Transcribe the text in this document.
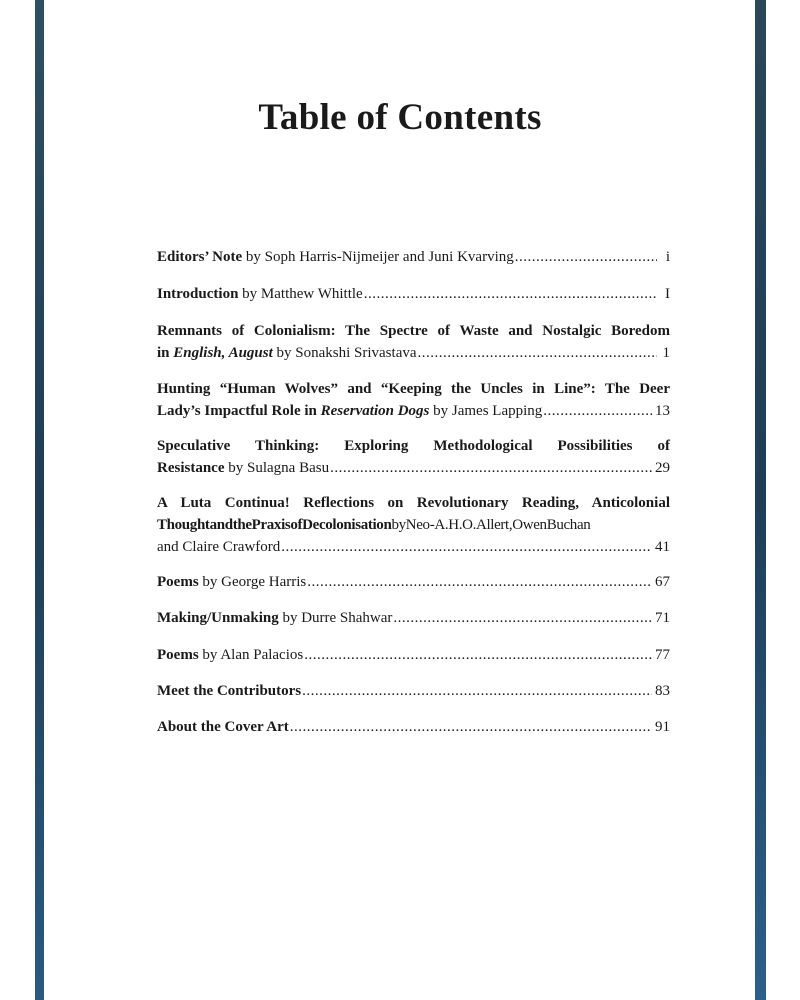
Table of Contents
Editors’ Note by Soph Harris-Nijmeijer and Juni Kvarving .....	i
Introduction by Matthew Whittle .....	I
Remnants of Colonialism: The Spectre of Waste and Nostalgic Boredom
in English, August by Sonakshi Srivastava .....	1
Hunting “Human Wolves” and “Keeping the Uncles in Line”: The Deer
Lady’s Impactful Role in Reservation Dogs by James Lapping .....	13
Speculative Thinking: Exploring Methodological Possibilities of
Resistance by Sulagna Basu .....	29
A Luta Continua! Reflections on Revolutionary Reading, Anticolonial
ThoughtandthePraxisofDecolonisationbyNeo-A.H.O.Allert,OwenBuchan
and Claire Crawford .....	41
Poems by George Harris .....	67
Making/Unmaking by Durre Shahwar .....	71
Poems by Alan Palacios .....	77
Meet the Contributors .....	83
About the Cover Art .....	91
